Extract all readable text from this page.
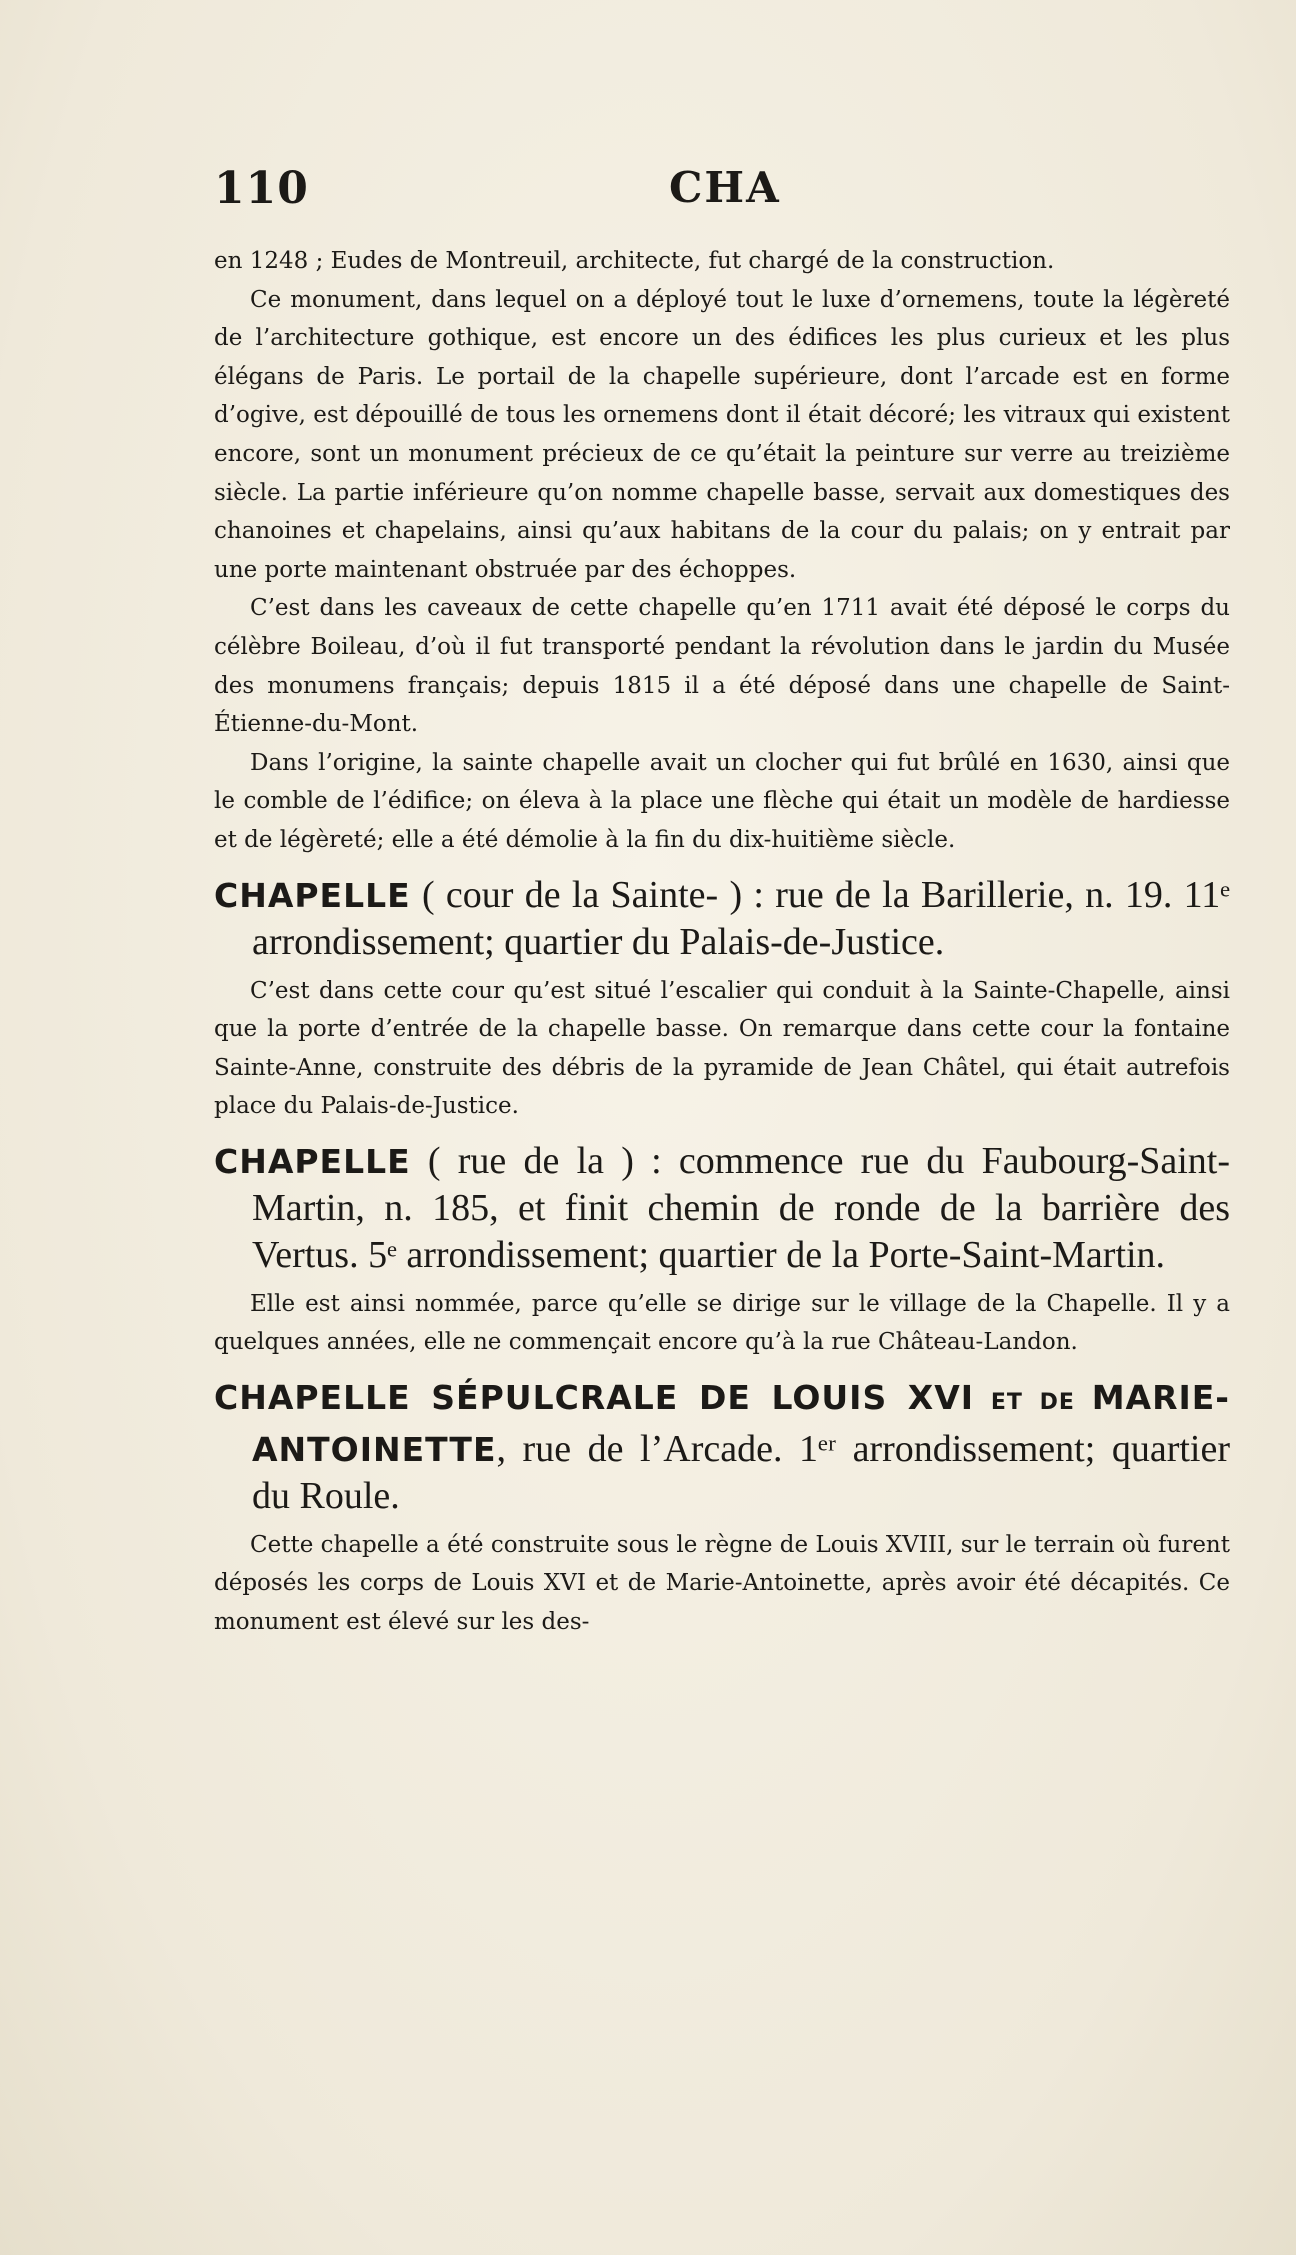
110	CHA

en 1248 ; Eudes de Montreuil, architecte, fut chargé de la construction.

Ce monument, dans lequel on a déployé tout le luxe d’ornemens, toute la légèreté de l’architecture gothique, est encore un des édifices les plus curieux et les plus élégans de Paris. Le portail de la chapelle supérieure, dont l’arcade est en forme d’ogive, est dépouillé de tous les ornemens dont il était décoré; les vitraux qui existent encore, sont un monument précieux de ce qu’était la peinture sur verre au treizième siècle. La partie inférieure qu’on nomme chapelle basse, servait aux domestiques des chanoines et chapelains, ainsi qu’aux habitans de la cour du palais; on y entrait par une porte maintenant obstruée par des échoppes.

C’est dans les caveaux de cette chapelle qu’en 1711 avait été déposé le corps du célèbre Boileau, d’où il fut transporté pendant la révolution dans le jardin du Musée des monumens français; depuis 1815 il a été déposé dans une chapelle de Saint-Étienne-du-Mont.

Dans l’origine, la sainte chapelle avait un clocher qui fut brûlé en 1630, ainsi que le comble de l’édifice; on éleva à la place une flèche qui était un modèle de hardiesse et de légèreté; elle a été démolie à la fin du dix-huitième siècle.

CHAPELLE ( cour de la Sainte- ) : rue de la Barillerie, n. 19. 11ᵉ arrondissement; quartier du Palais-de-Justice.

C’est dans cette cour qu’est situé l’escalier qui conduit à la Sainte-Chapelle, ainsi que la porte d’entrée de la chapelle basse. On remarque dans cette cour la fontaine Sainte-Anne, construite des débris de la pyramide de Jean Châtel, qui était autrefois place du Palais-de-Justice.

CHAPELLE ( rue de la ) : commence rue du Faubourg-Saint-Martin, n. 185, et finit chemin de ronde de la barrière des Vertus. 5ᵉ arrondissement; quartier de la Porte-Saint-Martin.

Elle est ainsi nommée, parce qu’elle se dirige sur le village de la Chapelle. Il y a quelques années, elle ne commençait encore qu’à la rue Château-Landon.

CHAPELLE SÉPULCRALE DE LOUIS XVI ET DE MARIE-ANTOINETTE, rue de l’Arcade. 1ᵉʳ arrondissement; quartier du Roule.

Cette chapelle a été construite sous le règne de Louis XVIII, sur le terrain où furent déposés les corps de Louis XVI et de Marie-Antoinette, après avoir été décapités. Ce monument est élevé sur les des-
